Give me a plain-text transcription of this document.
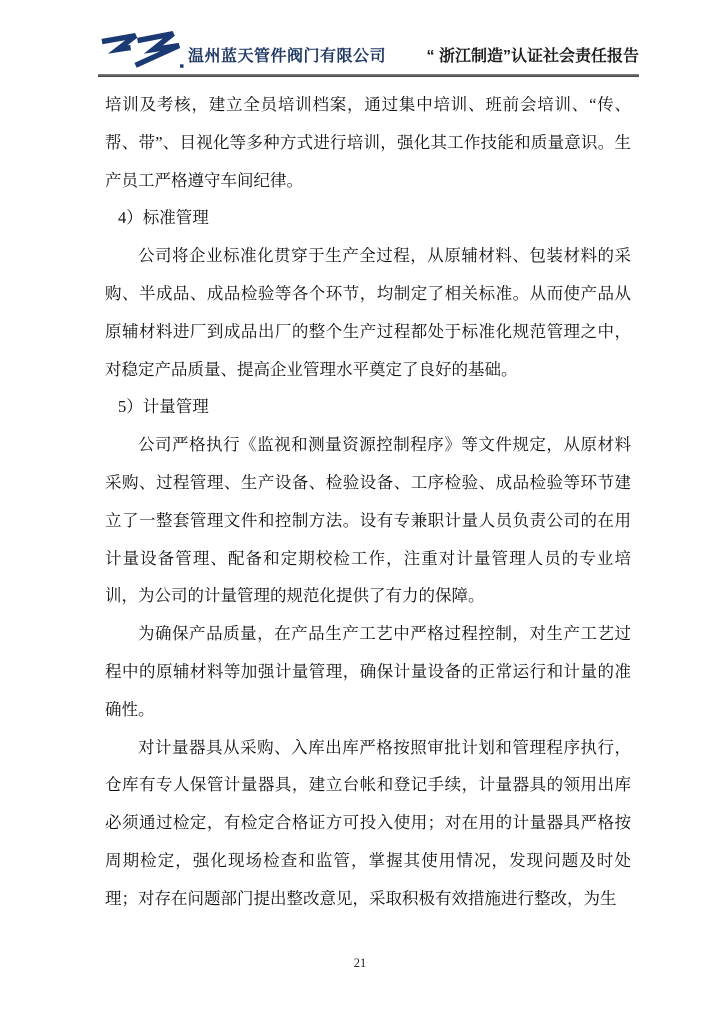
温州蓝天管件阀门有限公司	“ 浙江制造”认证社会责任报告

培训及考核，建立全员培训档案，通过集中培训、班前会培训、“传、帮、带”、目视化等多种方式进行培训，强化其工作技能和质量意识。生产员工严格遵守车间纪律。

4）标准管理

公司将企业标准化贯穿于生产全过程，从原辅材料、包装材料的采购、半成品、成品检验等各个环节，均制定了相关标准。从而使产品从原辅材料进厂到成品出厂的整个生产过程都处于标准化规范管理之中，对稳定产品质量、提高企业管理水平奠定了良好的基础。

5）计量管理

公司严格执行《监视和测量资源控制程序》等文件规定，从原材料采购、过程管理、生产设备、检验设备、工序检验、成品检验等环节建立了一整套管理文件和控制方法。设有专兼职计量人员负责公司的在用计量设备管理、配备和定期校检工作，注重对计量管理人员的专业培训，为公司的计量管理的规范化提供了有力的保障。

为确保产品质量，在产品生产工艺中严格过程控制，对生产工艺过程中的原辅材料等加强计量管理，确保计量设备的正常运行和计量的准确性。

对计量器具从采购、入库出库严格按照审批计划和管理程序执行，仓库有专人保管计量器具，建立台帐和登记手续，计量器具的领用出库必须通过检定，有检定合格证方可投入使用；对在用的计量器具严格按周期检定，强化现场检查和监管，掌握其使用情况，发现问题及时处理；对存在问题部门提出整改意见，采取积极有效措施进行整改，为生

21
